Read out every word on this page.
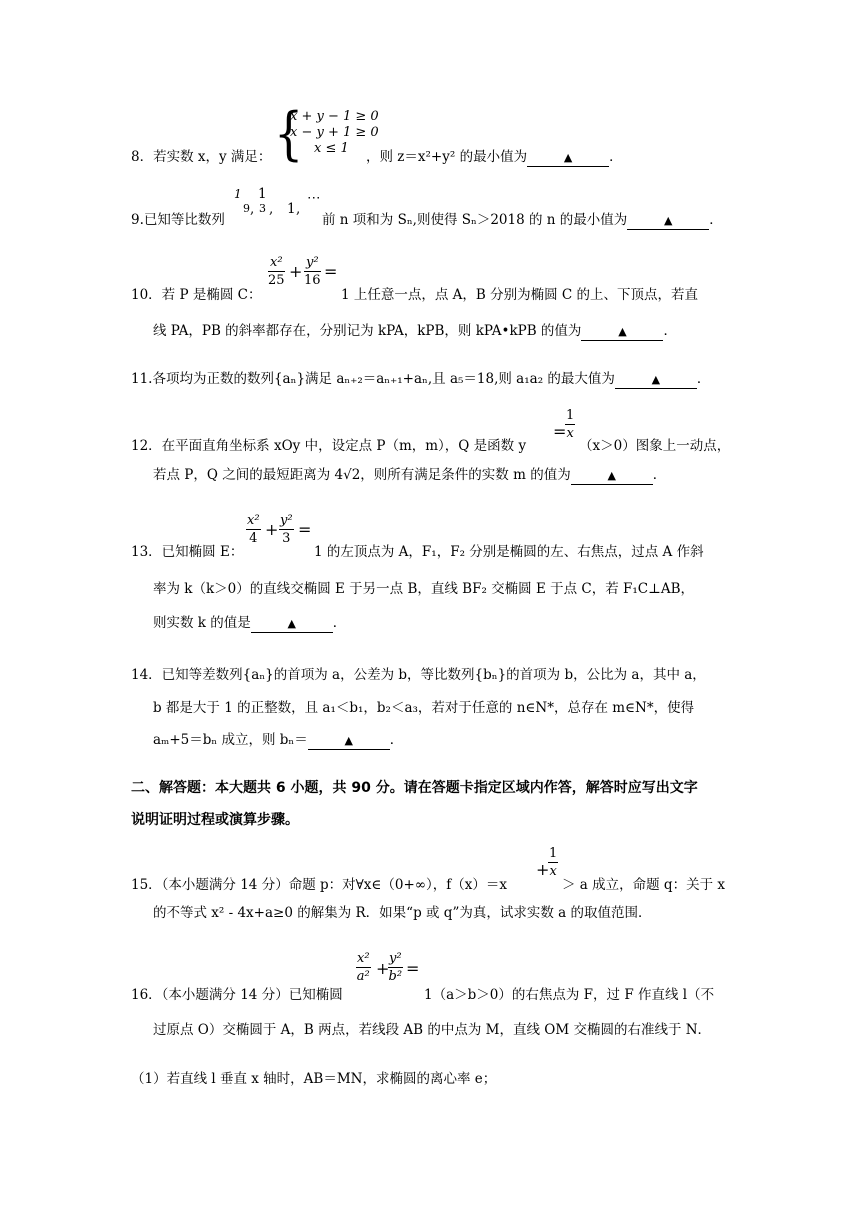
{
x + y − 1 ≥ 0
x − y + 1 ≥ 0
x ≤ 1
8．若实数 x，y 满足：	，则 z＝x²+y² 的最小值为	▲	．
1
9 ,
1
3 , 1 ,
⋯
9.已知等比数列	前 n 项和为 Sₙ,则使得 Sₙ＞2018 的 n 的最小值为	▲	．
$\frac{\text{x²}}{25} + \frac{\text{y²}}{16}$ =
10．若 P 是椭圆 C：	1 上任意一点，点 A，B 分别为椭圆 C 的上、下顶点，若直
线 PA，PB 的斜率都存在，分别记为 kPA，kPB，则 kPA•kPB 的值为	▲	．
11.各项均为正数的数列{aₙ}满足 aₙ₊₂＝aₙ₊₁+aₙ,且 a₅＝18,则 a₁a₂ 的最大值为	▲	．
=
$\frac{1}{x}$
12．在平面直角坐标系 xOy 中，设定点 P（m，m），Q 是函数 y	（x＞0）图象上一动点，
若点 P，Q 之间的最短距离为 4√2，则所有满足条件的实数 m 的值为	▲	．
$\frac{\text{x²}}{4} + \frac{\text{y²}}{3}$ =
13．已知椭圆 E：	1 的左顶点为 A，F₁，F₂ 分别是椭圆的左、右焦点，过点 A 作斜
率为 k（k＞0）的直线交椭圆 E 于另一点 B，直线 BF₂ 交椭圆 E 于点 C，若 F₁C⊥AB，
则实数 k 的值是	▲	．
14．已知等差数列{aₙ}的首项为 a，公差为 b，等比数列{bₙ}的首项为 b，公比为 a，其中 a，
b 都是大于 1 的正整数，且 a₁＜b₁，b₂＜a₃，若对于任意的 n∈N*，总存在 m∈N*，使得
aₘ+5＝bₙ 成立，则 bₙ＝	▲	．
二、解答题：本大题共 6 小题，共 90 分。请在答题卡指定区域内作答，解答时应写出文字
说明证明过程或演算步骤。
+
$\frac{1}{x}$
15．（本小题满分 14 分）命题 p：对∀x∈（0+∞），f（x）＝x	＞ a 成立，命题 q：关于 x
的不等式 x² - 4x+a≥0 的解集为 R．如果“p 或 q”为真，试求实数 a 的取值范围．
$\frac{\text{x²}}{\text{a²}}$ +
$\frac{\text{y²}}{\text{b²}}$ =
16．（本小题满分 14 分）已知椭圆	1（a＞b＞0）的右焦点为 F，过 F 作直线 l（不
过原点 O）交椭圆于 A，B 两点，若线段 AB 的中点为 M，直线 OM 交椭圆的右准线于 N．
（1）若直线 l 垂直 x 轴时，AB＝MN，求椭圆的离心率 e；
